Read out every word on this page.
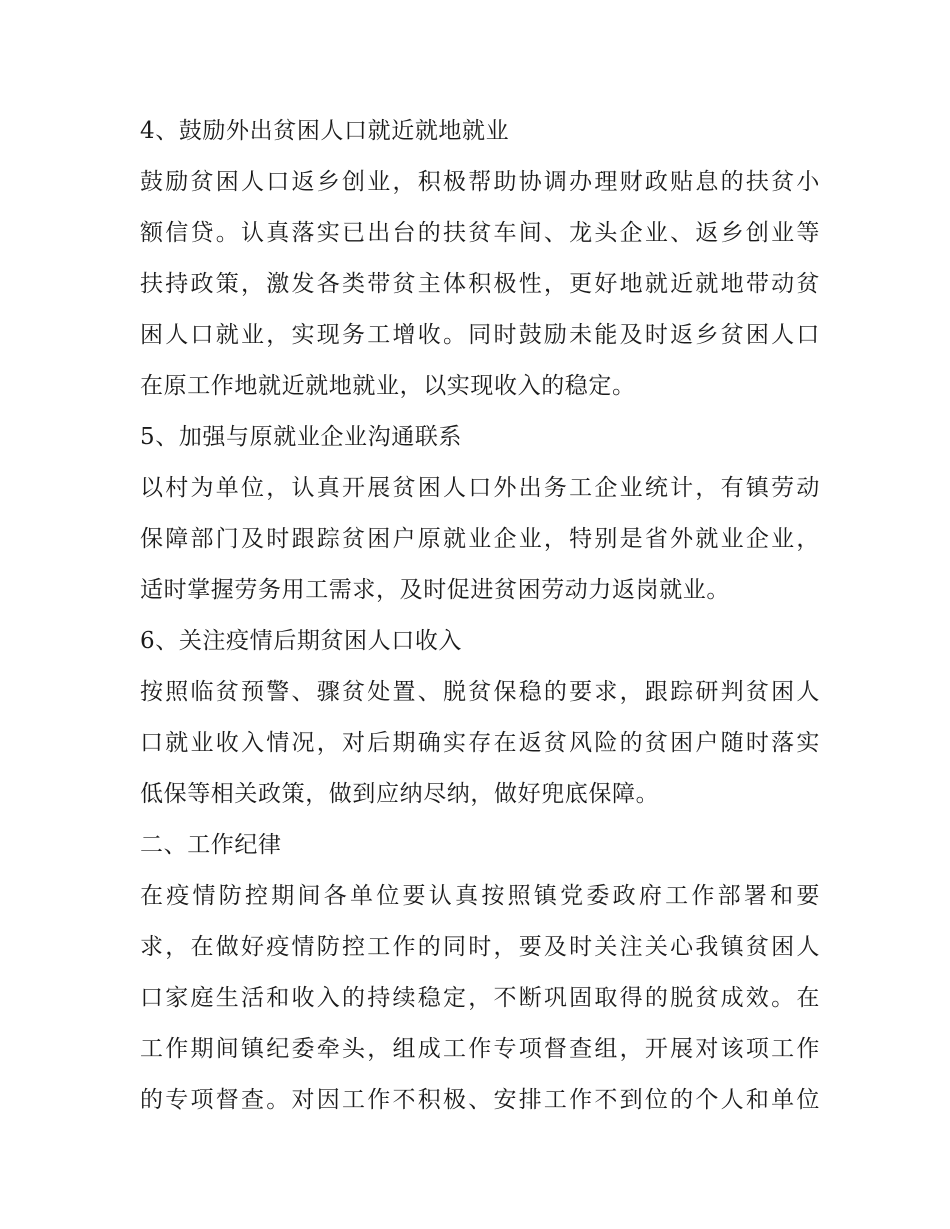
4、鼓励外出贫困人口就近就地就业
鼓励贫困人口返乡创业，积极帮助协调办理财政贴息的扶贫小
额信贷。认真落实已出台的扶贫车间、龙头企业、返乡创业等
扶持政策，激发各类带贫主体积极性，更好地就近就地带动贫
困人口就业，实现务工增收。同时鼓励未能及时返乡贫困人口
在原工作地就近就地就业，以实现收入的稳定。
5、加强与原就业企业沟通联系
以村为单位，认真开展贫困人口外出务工企业统计，有镇劳动
保障部门及时跟踪贫困户原就业企业，特别是省外就业企业，
适时掌握劳务用工需求，及时促进贫困劳动力返岗就业。
6、关注疫情后期贫困人口收入
按照临贫预警、骤贫处置、脱贫保稳的要求，跟踪研判贫困人
口就业收入情况，对后期确实存在返贫风险的贫困户随时落实
低保等相关政策，做到应纳尽纳，做好兜底保障。
二、工作纪律
在疫情防控期间各单位要认真按照镇党委政府工作部署和要
求，在做好疫情防控工作的同时，要及时关注关心我镇贫困人
口家庭生活和收入的持续稳定，不断巩固取得的脱贫成效。在
工作期间镇纪委牵头，组成工作专项督查组，开展对该项工作
的专项督查。对因工作不积极、安排工作不到位的个人和单位
